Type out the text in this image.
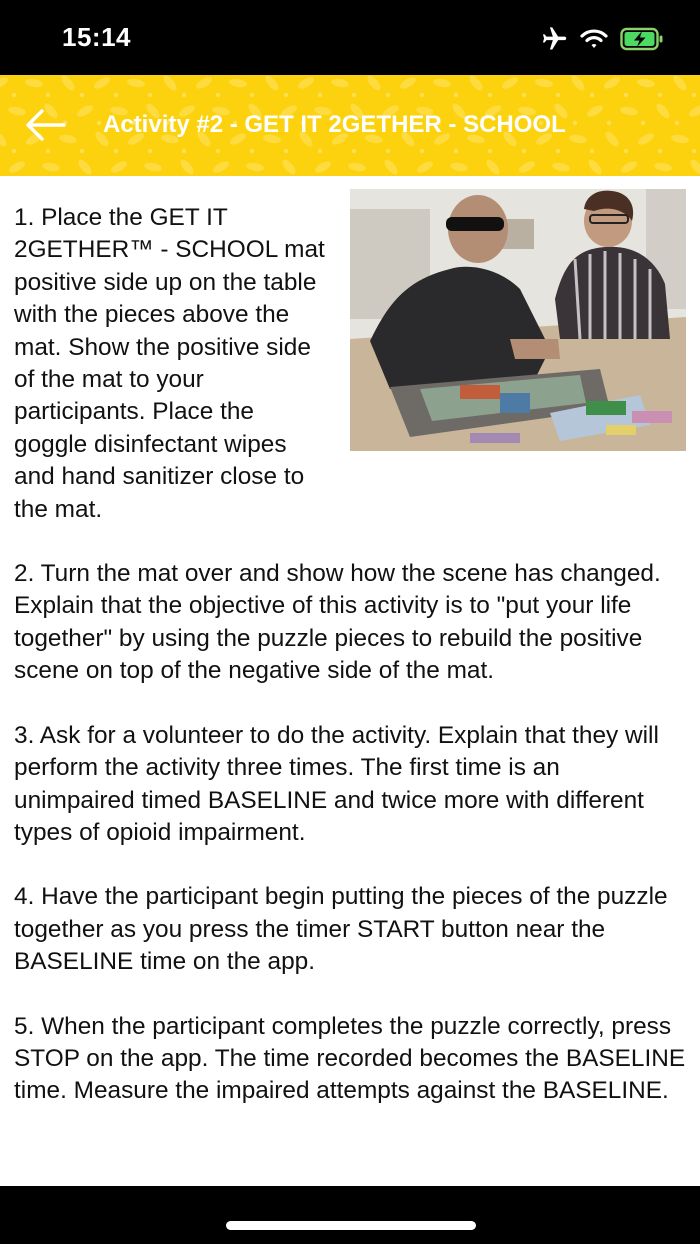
15:14
Activity #2 - GET IT 2GETHER - SCHOOL

1. Place the GET IT 2GETHER™ - SCHOOL mat positive side up on the table with the pieces above the mat. Show the positive side of the mat to your participants. Place the goggle disinfectant wipes and hand sanitizer close to the mat.

2. Turn the mat over and show how the scene has changed. Explain that the objective of this activity is to "put your life together" by using the puzzle pieces to rebuild the positive scene on top of the negative side of the mat.

3. Ask for a volunteer to do the activity. Explain that they will perform the activity three times. The first time is an unimpaired timed BASELINE and twice more with different types of opioid impairment.

4. Have the participant begin putting the pieces of the puzzle together as you press the timer START button near the BASELINE time on the app.

5. When the participant completes the puzzle correctly, press STOP on the app. The time recorded becomes the BASELINE time. Measure the impaired attempts against the BASELINE.
